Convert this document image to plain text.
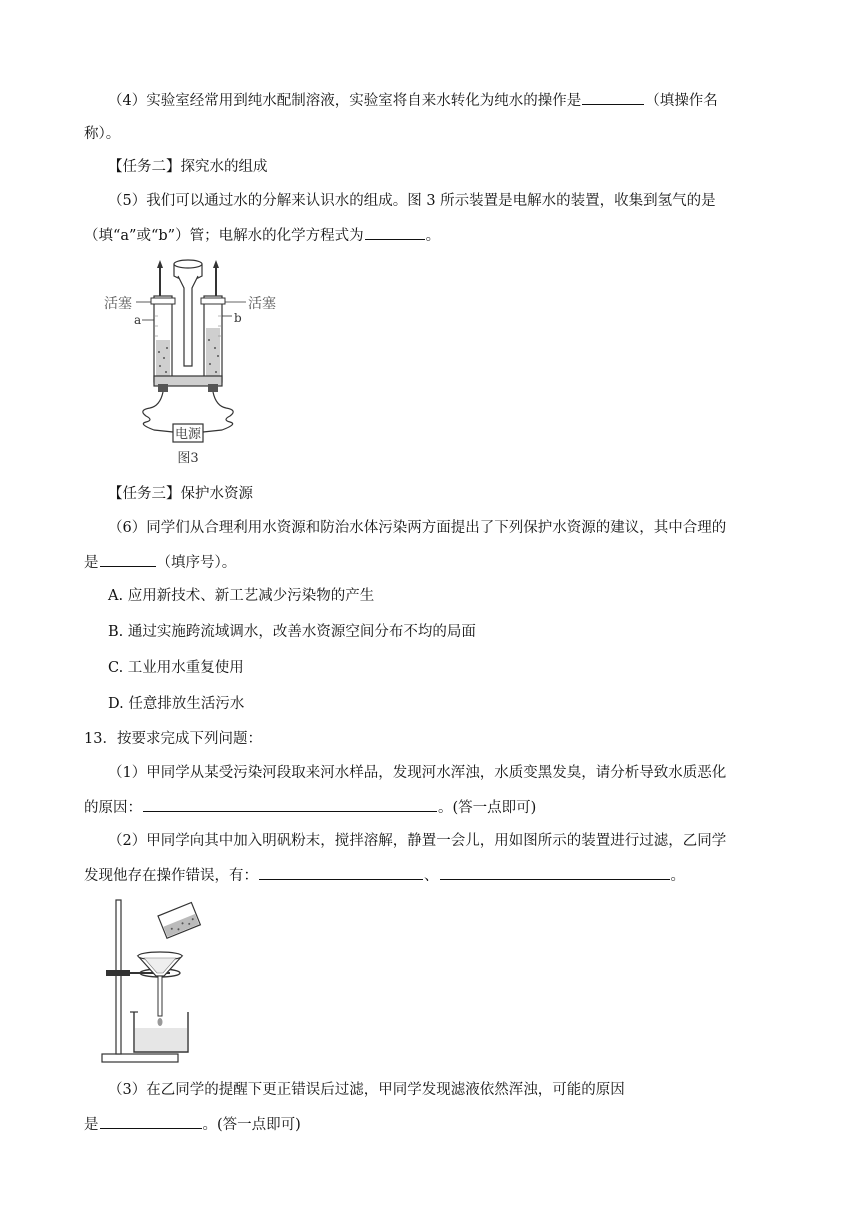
（4）实验室经常用到纯水配制溶液，实验室将自来水转化为纯水的操作是	（填操作名
称）。
【任务二】探究水的组成
（5）我们可以通过水的分解来认识水的组成。图 3 所示装置是电解水的装置，收集到氢气的是
（填“a”或“b”）管；电解水的化学方程式为	。
电源
活塞
a
活塞
b
图3
【任务三】保护水资源
（6）同学们从合理利用水资源和防治水体污染两方面提出了下列保护水资源的建议，其中合理的
是	（填序号）。
A. 应用新技术、新工艺减少污染物的产生
B. 通过实施跨流域调水，改善水资源空间分布不均的局面
C. 工业用水重复使用
D. 任意排放生活污水
13．按要求完成下列问题：
（1）甲同学从某受污染河段取来河水样品，发现河水浑浊，水质变黑发臭，请分析导致水质恶化
的原因：	。(答一点即可)
（2）甲同学向其中加入明矾粉末，搅拌溶解，静置一会儿，用如图所示的装置进行过滤，乙同学
发现他存在操作错误，有：	、	。
（3）在乙同学的提醒下更正错误后过滤，甲同学发现滤液依然浑浊，可能的原因
是	。(答一点即可)
